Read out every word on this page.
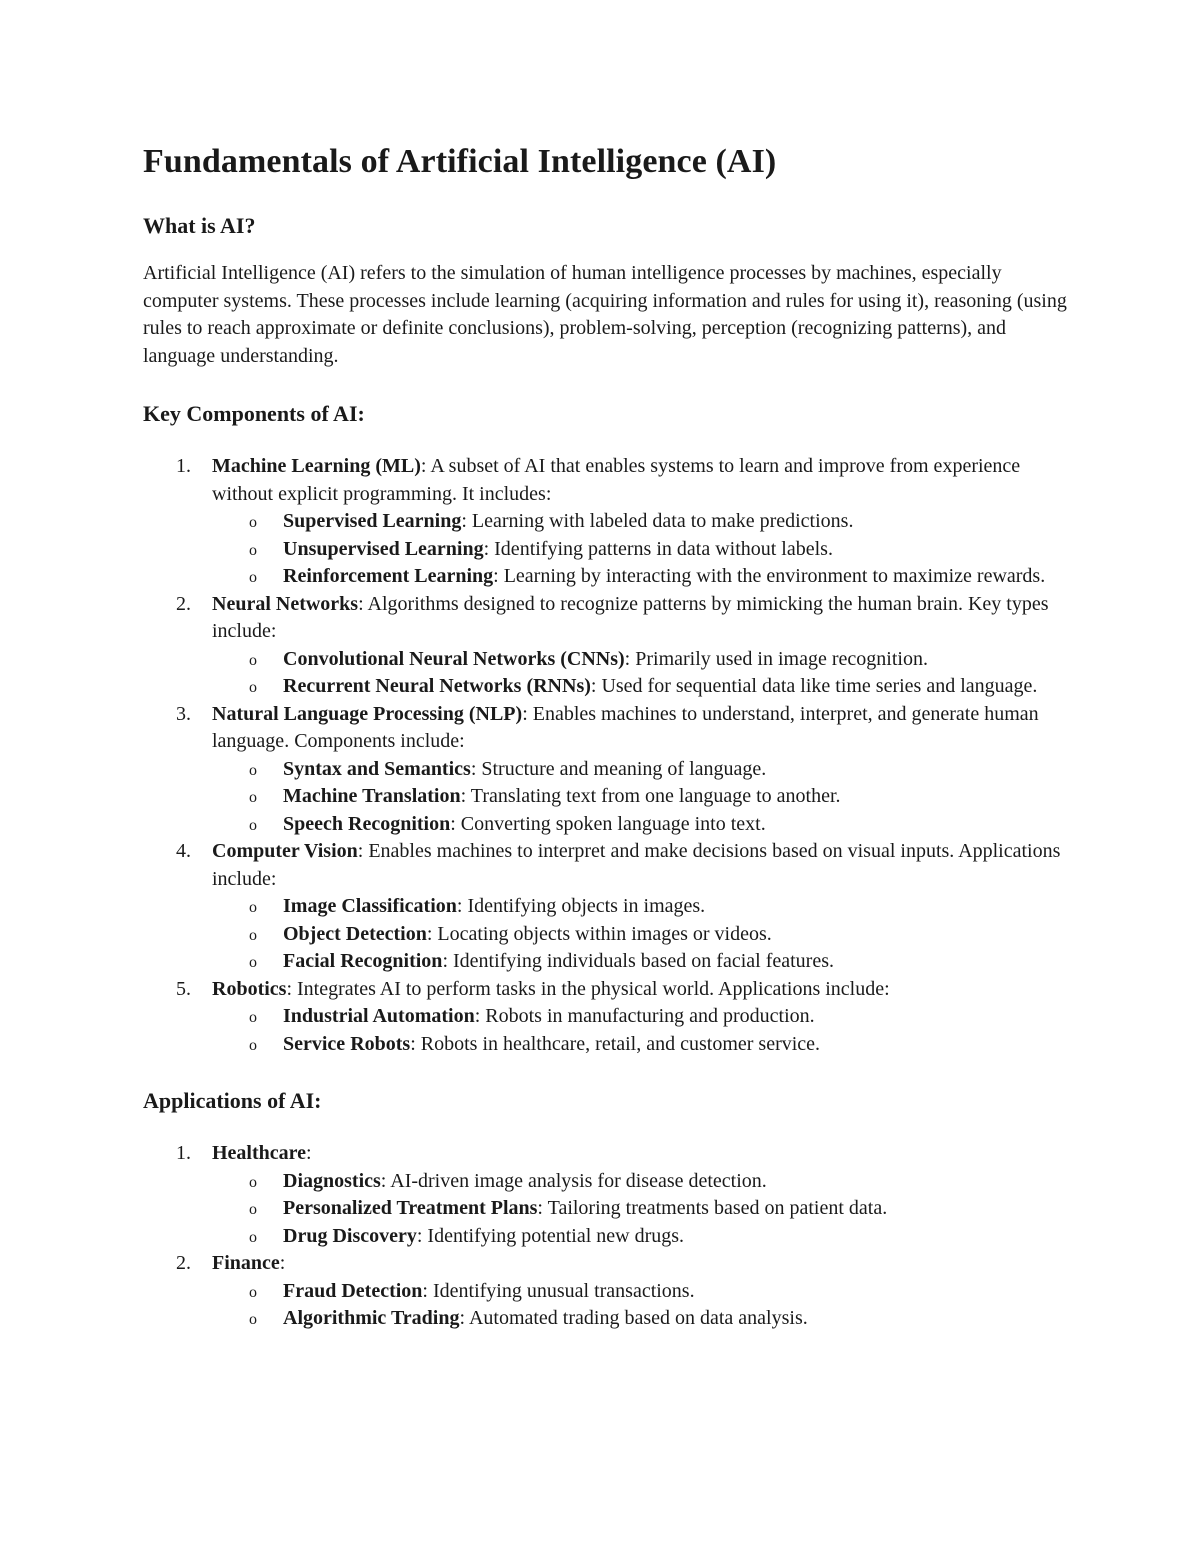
Fundamentals of Artificial Intelligence (AI)
What is AI?

Artificial Intelligence (AI) refers to the simulation of human intelligence processes by machines, especially computer systems. These processes include learning (acquiring information and rules for using it), reasoning (using rules to reach approximate or definite conclusions), problem-solving, perception (recognizing patterns), and language understanding.

Key Components of AI:
1. Machine Learning (ML): A subset of AI that enables systems to learn and improve from experience without explicit programming. It includes:
o Supervised Learning: Learning with labeled data to make predictions.
o Unsupervised Learning: Identifying patterns in data without labels.
o Reinforcement Learning: Learning by interacting with the environment to maximize rewards.
2. Neural Networks: Algorithms designed to recognize patterns by mimicking the human brain. Key types include:
o Convolutional Neural Networks (CNNs): Primarily used in image recognition.
o Recurrent Neural Networks (RNNs): Used for sequential data like time series and language.
3. Natural Language Processing (NLP): Enables machines to understand, interpret, and generate human language. Components include:
o Syntax and Semantics: Structure and meaning of language.
o Machine Translation: Translating text from one language to another.
o Speech Recognition: Converting spoken language into text.
4. Computer Vision: Enables machines to interpret and make decisions based on visual inputs. Applications include:
o Image Classification: Identifying objects in images.
o Object Detection: Locating objects within images or videos.
o Facial Recognition: Identifying individuals based on facial features.
5. Robotics: Integrates AI to perform tasks in the physical world. Applications include:
o Industrial Automation: Robots in manufacturing and production.
o Service Robots: Robots in healthcare, retail, and customer service.
Applications of AI:
1. Healthcare:
o Diagnostics: AI-driven image analysis for disease detection.
o Personalized Treatment Plans: Tailoring treatments based on patient data.
o Drug Discovery: Identifying potential new drugs.
2. Finance:
o Fraud Detection: Identifying unusual transactions.
o Algorithmic Trading: Automated trading based on data analysis.
